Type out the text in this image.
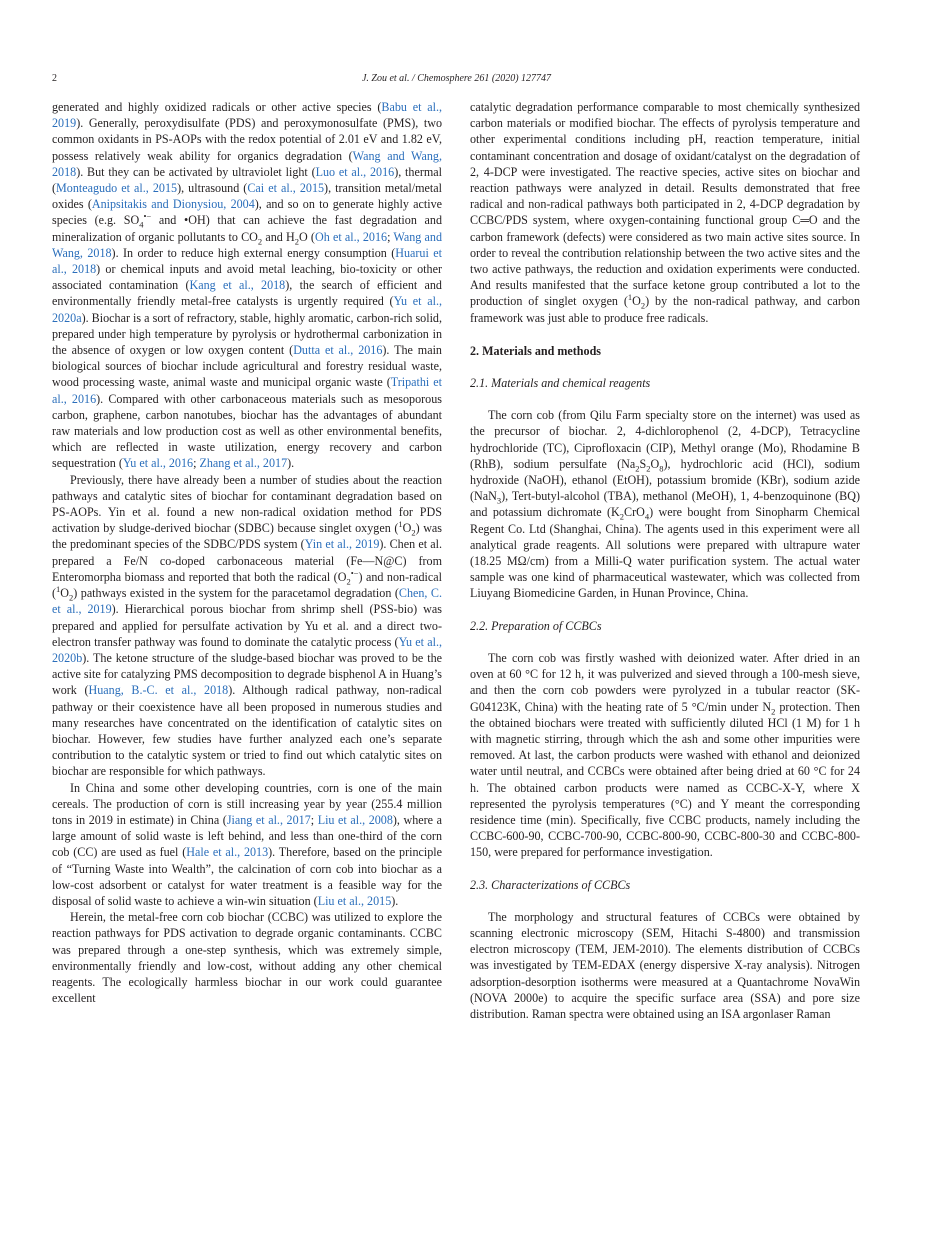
2	J. Zou et al. / Chemosphere 261 (2020) 127747

generated and highly oxidized radicals or other active species (Babu et al., 2019). Generally, peroxydisulfate (PDS) and peroxymonosulfate (PMS), two common oxidants in PS-AOPs with the redox potential of 2.01 eV and 1.82 eV, possess relatively weak ability for organics degradation (Wang and Wang, 2018). But they can be activated by ultraviolet light (Luo et al., 2016), thermal (Monteagudo et al., 2015), ultrasound (Cai et al., 2015), transition metal/metal oxides (Anipsitakis and Dionysiou, 2004), and so on to generate highly active species (e.g. $SO_4^{•-}$ and •OH) that can achieve the fast degradation and mineralization of organic pollutants to $CO_2$ and $H_2O$ (Oh et al., 2016; Wang and Wang, 2018). In order to reduce high external energy consumption (Huarui et al., 2018) or chemical inputs and avoid metal leaching, bio-toxicity or other associated contamination (Kang et al., 2018), the search of efficient and environmentally friendly metal-free catalysts is urgently required (Yu et al., 2020a). Biochar is a sort of refractory, stable, highly aromatic, carbon-rich solid, prepared under high temperature by pyrolysis or hydrothermal carbonization in the absence of oxygen or low oxygen content (Dutta et al., 2016). The main biological sources of biochar include agricultural and forestry residual waste, wood processing waste, animal waste and municipal organic waste (Tripathi et al., 2016). Compared with other carbonaceous materials such as mesoporous carbon, graphene, carbon nanotubes, biochar has the advantages of abundant raw materials and low production cost as well as other environmental benefits, which are reflected in waste utilization, energy recovery and carbon sequestration (Yu et al., 2016; Zhang et al., 2017).

Previously, there have already been a number of studies about the reaction pathways and catalytic sites of biochar for contaminant degradation based on PS-AOPs. Yin et al. found a new non-radical oxidation method for PDS activation by sludge-derived biochar (SDBC) because singlet oxygen $(^1O_2)$ was the predominant species of the SDBC/PDS system (Yin et al., 2019). Chen et al. prepared a Fe/N co-doped carbonaceous material (Fe—N@C) from Enteromorpha biomass and reported that both the radical $(O_2^{•-})$ and non-radical $(^1O_2)$ pathways existed in the system for the paracetamol degradation (Chen, C. et al., 2019). Hierarchical porous biochar from shrimp shell (PSS-bio) was prepared and applied for persulfate activation by Yu et al. and a direct two-electron transfer pathway was found to dominate the catalytic process (Yu et al., 2020b). The ketone structure of the sludge-based biochar was proved to be the active site for catalyzing PMS decomposition to degrade bisphenol A in Huang’s work (Huang, B.-C. et al., 2018). Although radical pathway, non-radical pathway or their coexistence have all been proposed in numerous studies and many researches have concentrated on the identification of catalytic sites on biochar. However, few studies have further analyzed each one’s separate contribution to the catalytic system or tried to find out which catalytic sites on biochar are responsible for which pathways.

In China and some other developing countries, corn is one of the main cereals. The production of corn is still increasing year by year (255.4 million tons in 2019 in estimate) in China (Jiang et al., 2017; Liu et al., 2008), where a large amount of solid waste is left behind, and less than one-third of the corn cob (CC) are used as fuel (Hale et al., 2013). Therefore, based on the principle of “Turning Waste into Wealth”, the calcination of corn cob into biochar as a low-cost adsorbent or catalyst for water treatment is a feasible way for the disposal of solid waste to achieve a win-win situation (Liu et al., 2015).

Herein, the metal-free corn cob biochar (CCBC) was utilized to explore the reaction pathways for PDS activation to degrade organic contaminants. CCBC was prepared through a one-step synthesis, which was extremely simple, environmentally friendly and low-cost, without adding any other chemical reagents. The ecologically harmless biochar in our work could guarantee excellent

catalytic degradation performance comparable to most chemically synthesized carbon materials or modified biochar. The effects of pyrolysis temperature and other experimental conditions including pH, reaction temperature, initial contaminant concentration and dosage of oxidant/catalyst on the degradation of 2, 4-DCP were investigated. The reactive species, active sites on biochar and reaction pathways were analyzed in detail. Results demonstrated that free radical and non-radical pathways both participated in 2, 4-DCP degradation by CCBC/PDS system, where oxygen-containing functional group C═O and the carbon framework (defects) were considered as two main active sites source. In order to reveal the contribution relationship between the two active sites and the two active pathways, the reduction and oxidation experiments were conducted. And results manifested that the surface ketone group contributed a lot to the production of singlet oxygen $(^1O_2)$ by the non-radical pathway, and carbon framework was just able to produce free radicals.

2. Materials and methods
2.1. Materials and chemical reagents

The corn cob (from Qilu Farm specialty store on the internet) was used as the precursor of biochar. 2, 4-dichlorophenol (2, 4-DCP), Tetracycline hydrochloride (TC), Ciprofloxacin (CIP), Methyl orange (Mo), Rhodamine B (RhB), sodium persulfate $(Na_2S_2O_8)$, hydrochloric acid (HCl), sodium hydroxide (NaOH), ethanol (EtOH), potassium bromide (KBr), sodium azide (NaN$_3$), Tert-butyl-alcohol (TBA), methanol (MeOH), 1, 4-benzoquinone (BQ) and potassium dichromate $(K_2CrO_4)$ were bought from Sinopharm Chemical Regent Co. Ltd (Shanghai, China). The agents used in this experiment were all analytical grade reagents. All solutions were prepared with ultrapure water (18.25 MΩ/cm) from a Milli-Q water purification system. The actual water sample was one kind of pharmaceutical wastewater, which was collected from Liuyang Biomedicine Garden, in Hunan Province, China.

2.2. Preparation of CCBCs

The corn cob was firstly washed with deionized water. After dried in an oven at 60 °C for 12 h, it was pulverized and sieved through a 100-mesh sieve, and then the corn cob powders were pyrolyzed in a tubular reactor (SK-G04123K, China) with the heating rate of 5 °C/min under $N_2$ protection. Then the obtained biochars were treated with sufficiently diluted HCl (1 M) for 1 h with magnetic stirring, through which the ash and some other impurities were removed. At last, the carbon products were washed with ethanol and deionized water until neutral, and CCBCs were obtained after being dried at 60 °C for 24 h. The obtained carbon products were named as CCBC-X-Y, where X represented the pyrolysis temperatures (°C) and Y meant the corresponding residence time (min). Specifically, five CCBC products, namely including the CCBC-600-90, CCBC-700-90, CCBC-800-90, CCBC-800-30 and CCBC-800-150, were prepared for performance investigation.

2.3. Characterizations of CCBCs

The morphology and structural features of CCBCs were obtained by scanning electronic microscopy (SEM, Hitachi S-4800) and transmission electron microscopy (TEM, JEM-2010). The elements distribution of CCBCs was investigated by TEM-EDAX (energy dispersive X-ray analysis). Nitrogen adsorption-desorption isotherms were measured at a Quantachrome NovaWin (NOVA 2000e) to acquire the specific surface area (SSA) and pore size distribution. Raman spectra were obtained using an ISA argonlaser Raman
